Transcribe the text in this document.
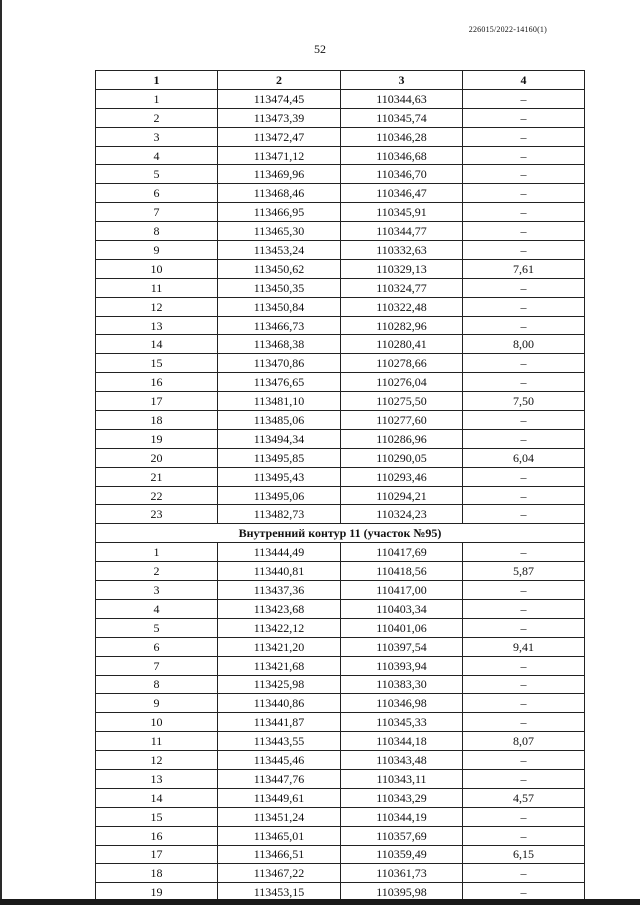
226015/2022-14160(1)
52
1	2	3	4
1	113474,45	110344,63	–
2	113473,39	110345,74	–
3	113472,47	110346,28	–
4	113471,12	110346,68	–
5	113469,96	110346,70	–
6	113468,46	110346,47	–
7	113466,95	110345,91	–
8	113465,30	110344,77	–
9	113453,24	110332,63	–
10	113450,62	110329,13	7,61
11	113450,35	110324,77	–
12	113450,84	110322,48	–
13	113466,73	110282,96	–
14	113468,38	110280,41	8,00
15	113470,86	110278,66	–
16	113476,65	110276,04	–
17	113481,10	110275,50	7,50
18	113485,06	110277,60	–
19	113494,34	110286,96	–
20	113495,85	110290,05	6,04
21	113495,43	110293,46	–
22	113495,06	110294,21	–
23	113482,73	110324,23	–
Внутренний контур 11 (участок №95)			
1	113444,49	110417,69	–
2	113440,81	110418,56	5,87
3	113437,36	110417,00	–
4	113423,68	110403,34	–
5	113422,12	110401,06	–
6	113421,20	110397,54	9,41
7	113421,68	110393,94	–
8	113425,98	110383,30	–
9	113440,86	110346,98	–
10	113441,87	110345,33	–
11	113443,55	110344,18	8,07
12	113445,46	110343,48	–
13	113447,76	110343,11	–
14	113449,61	110343,29	4,57
15	113451,24	110344,19	–
16	113465,01	110357,69	–
17	113466,51	110359,49	6,15
18	113467,22	110361,73	–
19	113453,15	110395,98	–
